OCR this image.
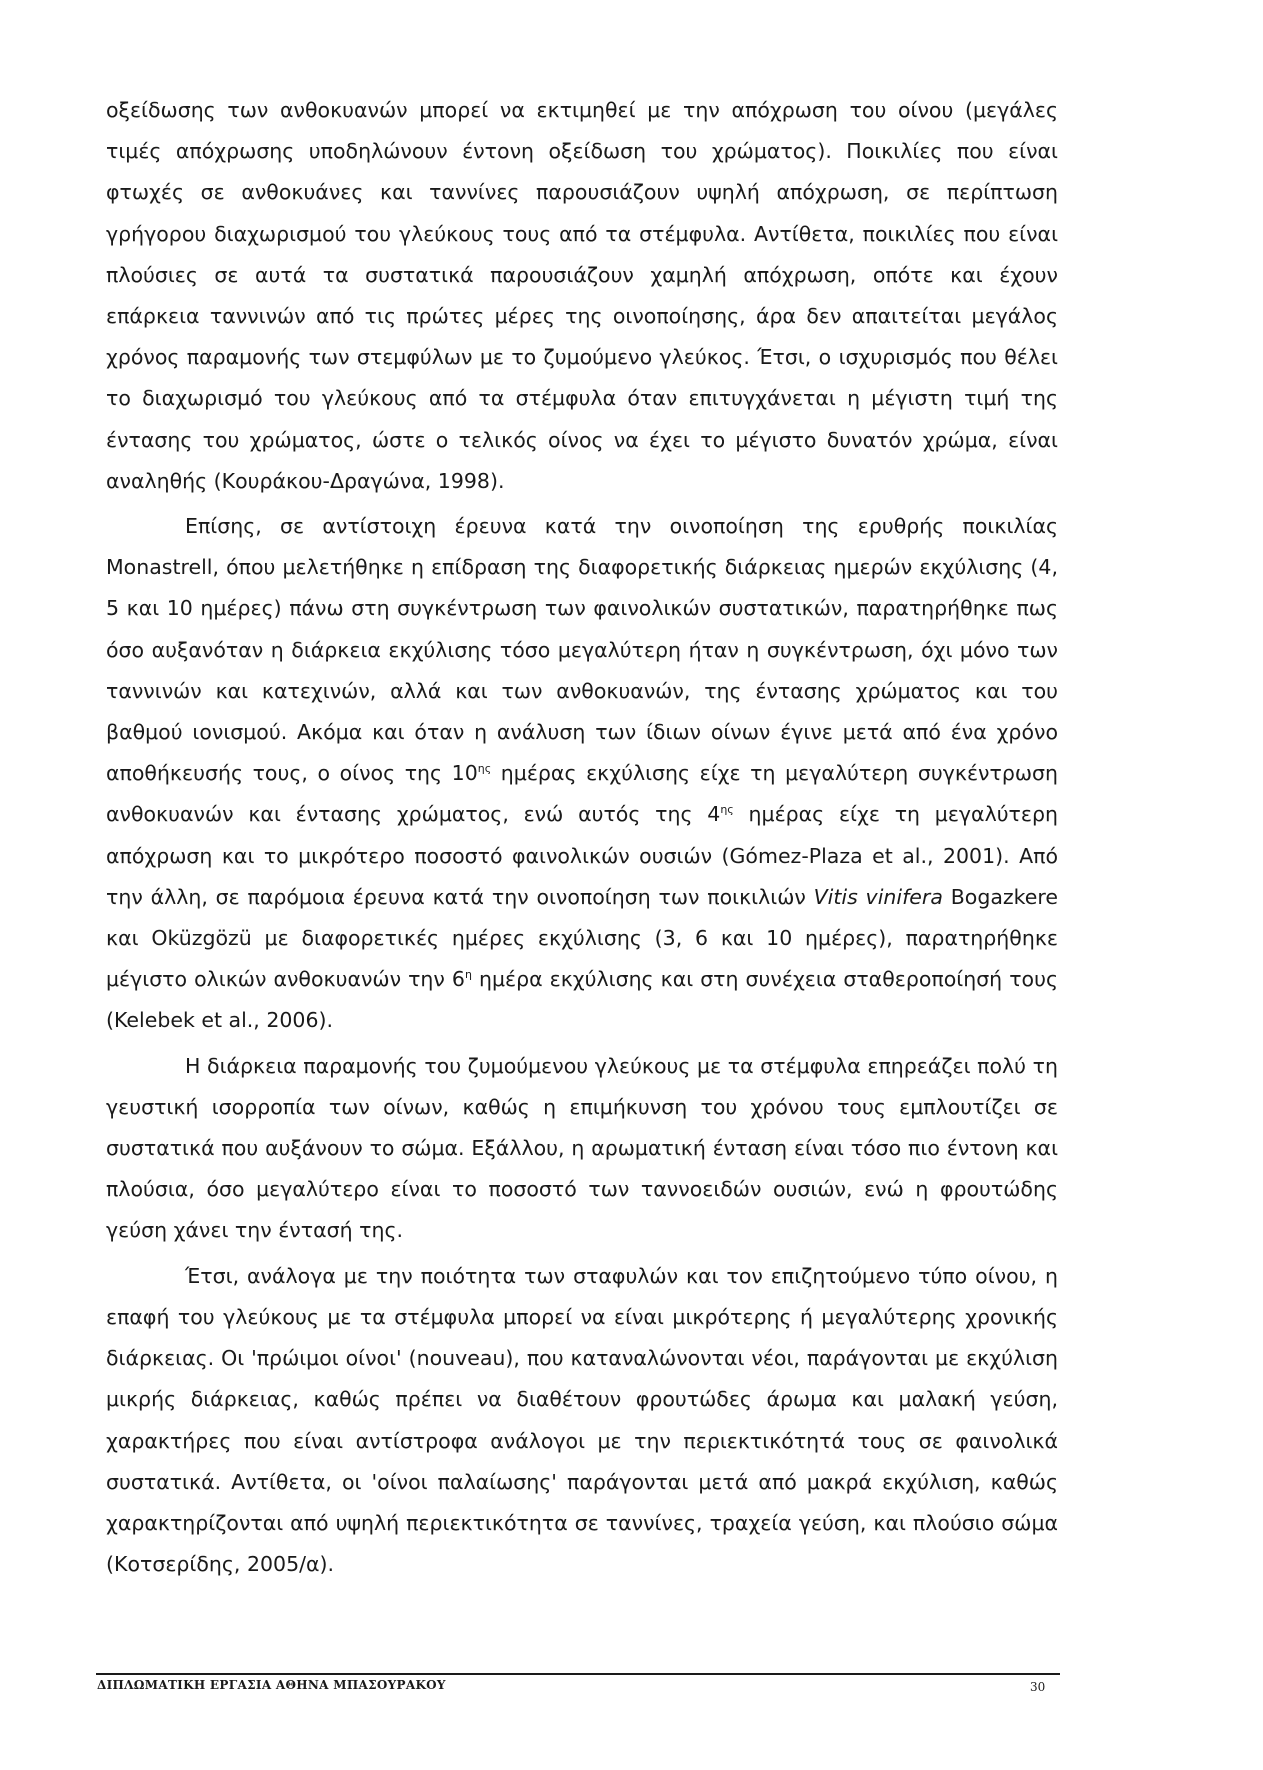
οξείδωσης των ανθοκυανών μπορεί να εκτιμηθεί με την απόχρωση του οίνου (μεγάλες τιμές απόχρωσης υποδηλώνουν έντονη οξείδωση του χρώματος). Ποικιλίες που είναι φτωχές σε ανθοκυάνες και ταννίνες παρουσιάζουν υψηλή απόχρωση, σε περίπτωση γρήγορου διαχωρισμού του γλεύκους τους από τα στέμφυλα. Αντίθετα, ποικιλίες που είναι πλούσιες σε αυτά τα συστατικά παρουσιάζουν χαμηλή απόχρωση, οπότε και έχουν επάρκεια ταννινών από τις πρώτες μέρες της οινοποίησης, άρα δεν απαιτείται μεγάλος χρόνος παραμονής των στεμφύλων με το ζυμούμενο γλεύκος. Έτσι, ο ισχυρισμός που θέλει το διαχωρισμό του γλεύκους από τα στέμφυλα όταν επιτυγχάνεται η μέγιστη τιμή της έντασης του χρώματος, ώστε ο τελικός οίνος να έχει το μέγιστο δυνατόν χρώμα, είναι αναληθής (Κουράκου-Δραγώνα, 1998).

Επίσης, σε αντίστοιχη έρευνα κατά την οινοποίηση της ερυθρής ποικιλίας Monastrell, όπου μελετήθηκε η επίδραση της διαφορετικής διάρκειας ημερών εκχύλισης (4, 5 και 10 ημέρες) πάνω στη συγκέντρωση των φαινολικών συστατικών, παρατηρήθηκε πως όσο αυξανόταν η διάρκεια εκχύλισης τόσο μεγαλύτερη ήταν η συγκέντρωση, όχι μόνο των ταννινών και κατεχινών, αλλά και των ανθοκυανών, της έντασης χρώματος και του βαθμού ιονισμού. Ακόμα και όταν η ανάλυση των ίδιων οίνων έγινε μετά από ένα χρόνο αποθήκευσής τους, ο οίνος της $10^{\eta\varsigma}$ ημέρας εκχύλισης είχε τη μεγαλύτερη συγκέντρωση ανθοκυανών και έντασης χρώματος, ενώ αυτός της $4^{\eta\varsigma}$ ημέρας είχε τη μεγαλύτερη απόχρωση και το μικρότερο ποσοστό φαινολικών ουσιών (Gómez-Plaza et al., 2001). Από την άλλη, σε παρόμοια έρευνα κατά την οινοποίηση των ποικιλιών Vitis vinifera Bogazkere και Oküzgözü με διαφορετικές ημέρες εκχύλισης (3, 6 και 10 ημέρες), παρατηρήθηκε μέγιστο ολικών ανθοκυανών την $6^\eta$ ημέρα εκχύλισης και στη συνέχεια σταθεροποίησή τους (Kelebek et al., 2006).

Η διάρκεια παραμονής του ζυμούμενου γλεύκους με τα στέμφυλα επηρεάζει πολύ τη γευστική ισορροπία των οίνων, καθώς η επιμήκυνση του χρόνου τους εμπλουτίζει σε συστατικά που αυξάνουν το σώμα. Εξάλλου, η αρωματική ένταση είναι τόσο πιο έντονη και πλούσια, όσο μεγαλύτερο είναι το ποσοστό των ταννοειδών ουσιών, ενώ η φρουτώδης γεύση χάνει την έντασή της.

Έτσι, ανάλογα με την ποιότητα των σταφυλών και τον επιζητούμενο τύπο οίνου, η επαφή του γλεύκους με τα στέμφυλα μπορεί να είναι μικρότερης ή μεγαλύτερης χρονικής διάρκειας. Οι 'πρώιμοι οίνοι' (nouveau), που καταναλώνονται νέοι, παράγονται με εκχύλιση μικρής διάρκειας, καθώς πρέπει να διαθέτουν φρουτώδες άρωμα και μαλακή γεύση, χαρακτήρες που είναι αντίστροφα ανάλογοι με την περιεκτικότητά τους σε φαινολικά συστατικά. Αντίθετα, οι 'οίνοι παλαίωσης' παράγονται μετά από μακρά εκχύλιση, καθώς χαρακτηρίζονται από υψηλή περιεκτικότητα σε ταννίνες, τραχεία γεύση, και πλούσιο σώμα (Κοτσερίδης, 2005/α).

ΔΙΠΛΩΜΑΤΙΚΗ ΕΡΓΑΣΙΑ ΑΘΗΝΑ ΜΠΑΣΟΥΡΑΚΟΥ	30
